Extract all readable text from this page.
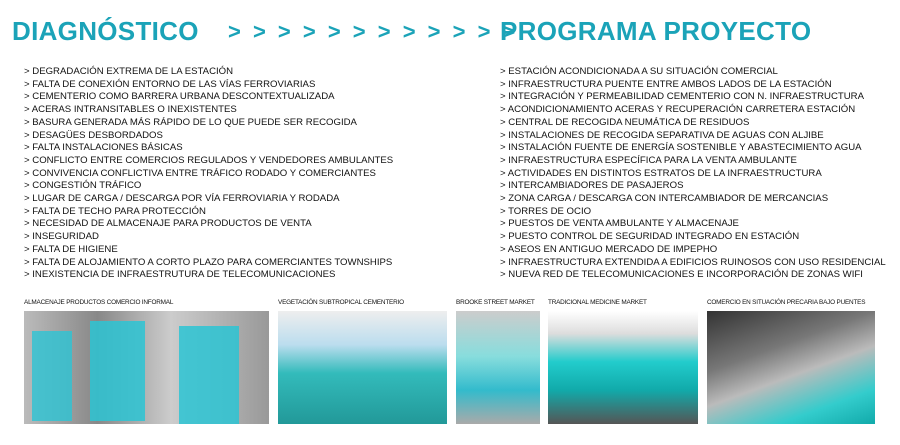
DIAGNÓSTICO > > > > > > > > > > > >
PROGRAMA PROYECTO
> DEGRADACIÓN EXTREMA DE LA ESTACIÓN
> FALTA DE CONEXIÓN ENTORNO DE LAS VÍAS FERROVIARIAS
> CEMENTERIO COMO BARRERA URBANA DESCONTEXTUALIZADA
> ACERAS INTRANSITABLES O INEXISTENTES
> BASURA GENERADA MÁS RÁPIDO DE LO QUE PUEDE SER RECOGIDA
> DESAGÜES DESBORDADOS
> FALTA INSTALACIONES BÁSICAS
> CONFLICTO ENTRE COMERCIOS REGULADOS Y VENDEDORES AMBULANTES
> CONVIVENCIA CONFLICTIVA ENTRE TRÁFICO RODADO Y COMERCIANTES
> CONGESTIÓN TRÁFICO
> LUGAR DE CARGA / DESCARGA POR VÍA FERROVIARIA Y RODADA
> FALTA DE TECHO PARA PROTECCIÓN
> NECESIDAD DE ALMACENAJE PARA PRODUCTOS DE VENTA
> INSEGURIDAD
> FALTA DE HIGIENE
> FALTA DE ALOJAMIENTO A CORTO PLAZO PARA COMERCIANTES TOWNSHIPS
> INEXISTENCIA DE INFRAESTRUTURA DE TELECOMUNICACIONES
> ESTACIÓN ACONDICIONADA A SU SITUACIÓN COMERCIAL
> INFRAESTRUCTURA PUENTE ENTRE AMBOS LADOS DE LA ESTACIÓN
> INTEGRACIÓN Y PERMEABILIDAD CEMENTERIO CON N. INFRAESTRUCTURA
> ACONDICIONAMIENTO ACERAS Y RECUPERACIÓN CARRETERA ESTACIÓN
> CENTRAL DE RECOGIDA NEUMÁTICA DE RESIDUOS
> INSTALACIONES DE RECOGIDA SEPARATIVA DE AGUAS CON ALJIBE
> INSTALACIÓN FUENTE DE ENERGÍA SOSTENIBLE Y ABASTECIMIENTO AGUA
> INFRAESTRUCTURA ESPECÍFICA PARA LA VENTA AMBULANTE
> ACTIVIDADES EN DISTINTOS ESTRATOS DE LA INFRAESTRUCTURA
> INTERCAMBIADORES DE PASAJEROS
> ZONA CARGA / DESCARGA CON INTERCAMBIADOR DE MERCANCIAS
> TORRES DE OCIO
> PUESTOS DE VENTA AMBULANTE Y ALMACENAJE
> PUESTO CONTROL DE SEGURIDAD INTEGRADO EN ESTACIÓN
> ASEOS EN ANTIGUO MERCADO DE IMPEPHO
> INFRAESTRUCTURA EXTENDIDA A EDIFICIOS RUINOSOS CON USO RESIDENCIAL
> NUEVA RED DE TELECOMUNICACIONES E INCORPORACIÓN DE ZONAS WIFI
ALMACENAJE PRODUCTOS COMERCIO INFORMAL	VEGETACIÓN SUBTROPICAL CEMENTERIO	BROOKE STREET MARKET TRADICIONAL MEDICINE MARKET	COMERCIO EN SITUACIÓN PRECARIA BAJO PUENTES
